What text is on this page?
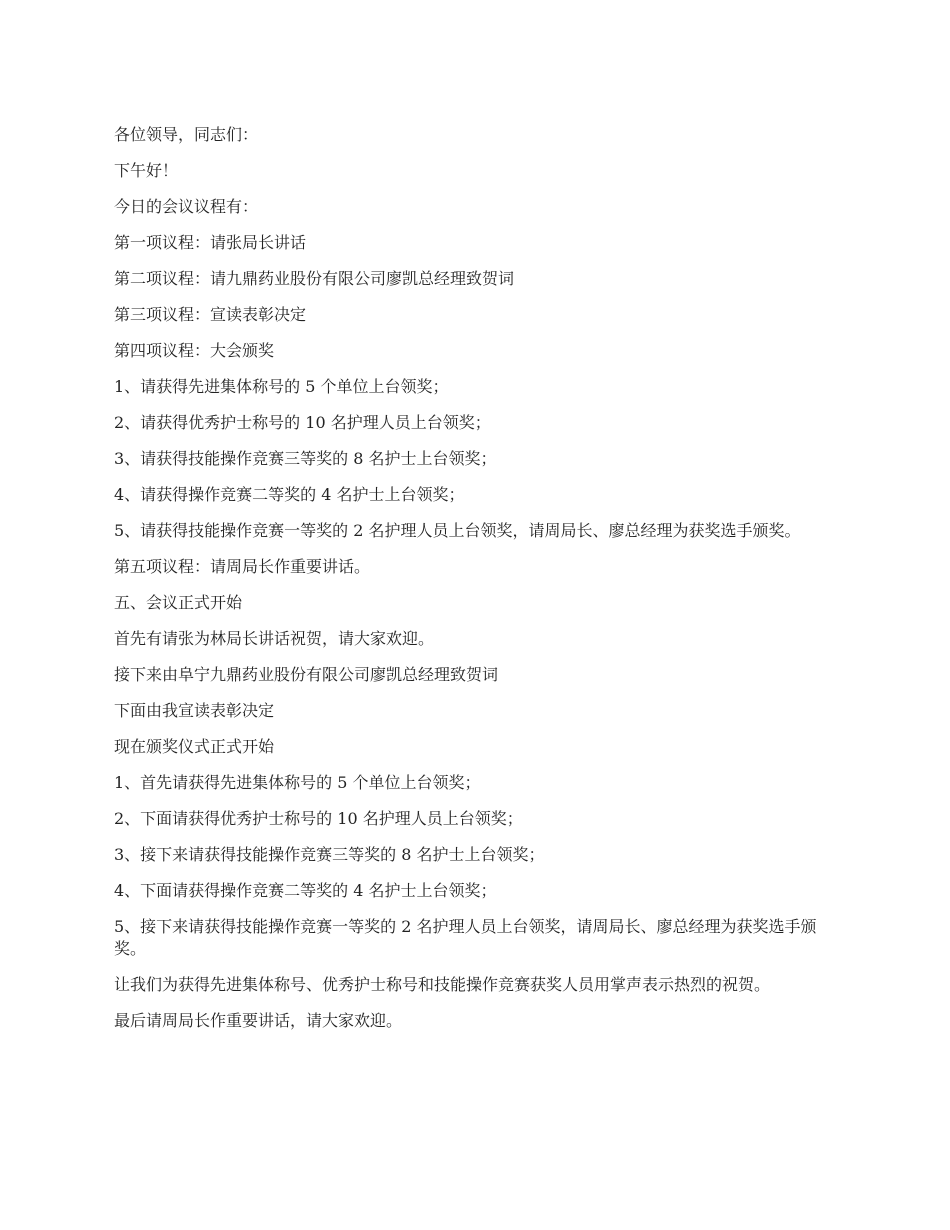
各位领导，同志们：

下午好！

今日的会议议程有：

第一项议程：请张局长讲话

第二项议程：请九鼎药业股份有限公司廖凯总经理致贺词

第三项议程：宣读表彰决定

第四项议程：大会颁奖

1、请获得先进集体称号的 5 个单位上台领奖；

2、请获得优秀护士称号的 10 名护理人员上台领奖；

3、请获得技能操作竞赛三等奖的 8 名护士上台领奖；

4、请获得操作竞赛二等奖的 4 名护士上台领奖；

5、请获得技能操作竞赛一等奖的 2 名护理人员上台领奖，请周局长、廖总经理为获奖选手颁奖。

第五项议程：请周局长作重要讲话。

五、会议正式开始

首先有请张为林局长讲话祝贺，请大家欢迎。

接下来由阜宁九鼎药业股份有限公司廖凯总经理致贺词

下面由我宣读表彰决定

现在颁奖仪式正式开始

1、首先请获得先进集体称号的 5 个单位上台领奖；

2、下面请获得优秀护士称号的 10 名护理人员上台领奖；

3、接下来请获得技能操作竞赛三等奖的 8 名护士上台领奖；

4、下面请获得操作竞赛二等奖的 4 名护士上台领奖；

5、接下来请获得技能操作竞赛一等奖的 2 名护理人员上台领奖，请周局长、廖总经理为获奖选手颁奖。

让我们为获得先进集体称号、优秀护士称号和技能操作竞赛获奖人员用掌声表示热烈的祝贺。

最后请周局长作重要讲话，请大家欢迎。
